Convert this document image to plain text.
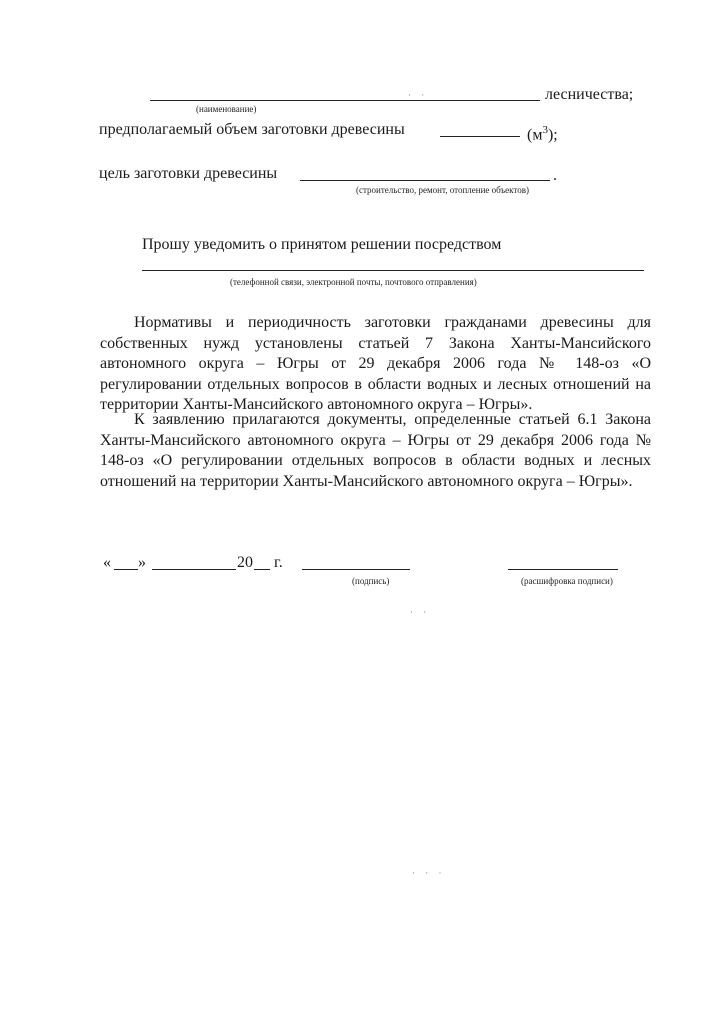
· ·	лесничества;
(наименование)
предполагаемый объем заготовки древесины	$(м^3)$;
цель заготовки древесины	.
(строительство, ремонт, отопление объектов)
Прошу уведомить о принятом решении посредством
(телефонной связи, электронной почты, почтового отправления)
Нормативы и периодичность заготовки гражданами древесины для собственных нужд установлены статьей 7 Закона Ханты-Мансийского автономного округа – Югры от 29 декабря 2006 года № 148-оз «О регулировании отдельных вопросов в области водных и лесных отношений на территории Ханты-Мансийского автономного округа – Югры».
К заявлению прилагаются документы, определенные статьей 6.1 Закона Ханты-Мансийского автономного округа – Югры от 29 декабря 2006 года № 148-оз «О регулировании отдельных вопросов в области водных и лесных отношений на территории Ханты-Мансийского автономного округа – Югры».
« »	20 г.
(подпись)	(расшифровка подписи)
· ·
· · ·
